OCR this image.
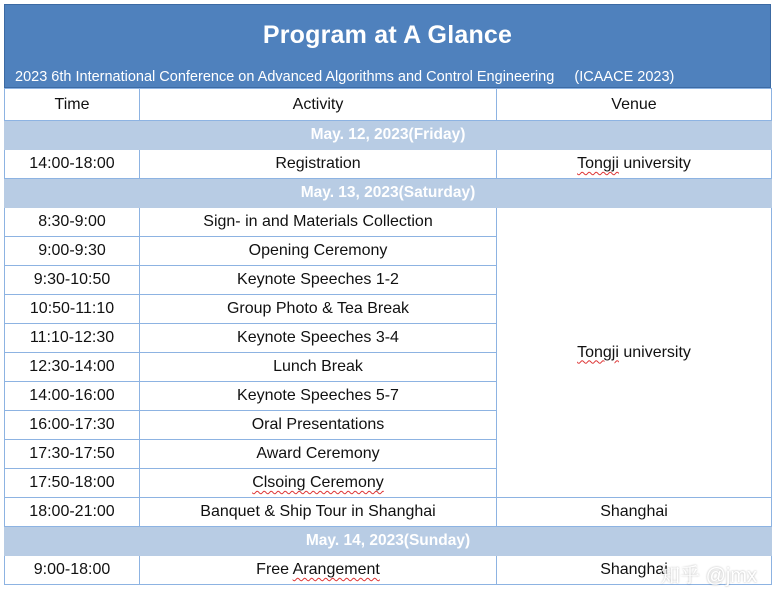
Program at A Glance
2023 6th International Conference on Advanced Algorithms and Control Engineering     (ICAACE 2023)
Time	Activity	Venue
May. 12, 2023(Friday)		
14:00-18:00	Registration	Tongji university
May. 13, 2023(Saturday)		
8:30-9:00	Sign- in and Materials Collection	Tongji university
9:00-9:30	Opening Ceremony	
9:30-10:50	Keynote Speeches 1-2	
10:50-11:10	Group Photo & Tea Break	
11:10-12:30	Keynote Speeches 3-4	
12:30-14:00	Lunch Break	
14:00-16:00	Keynote Speeches 5-7	
16:00-17:30	Oral Presentations	
17:30-17:50	Award Ceremony	
17:50-18:00	Clsoing Ceremony	
18:00-21:00	Banquet & Ship Tour in Shanghai	Shanghai
May. 14, 2023(Sunday)		
9:00-18:00	Free Arangement	Shanghai
知乎 @jmx
